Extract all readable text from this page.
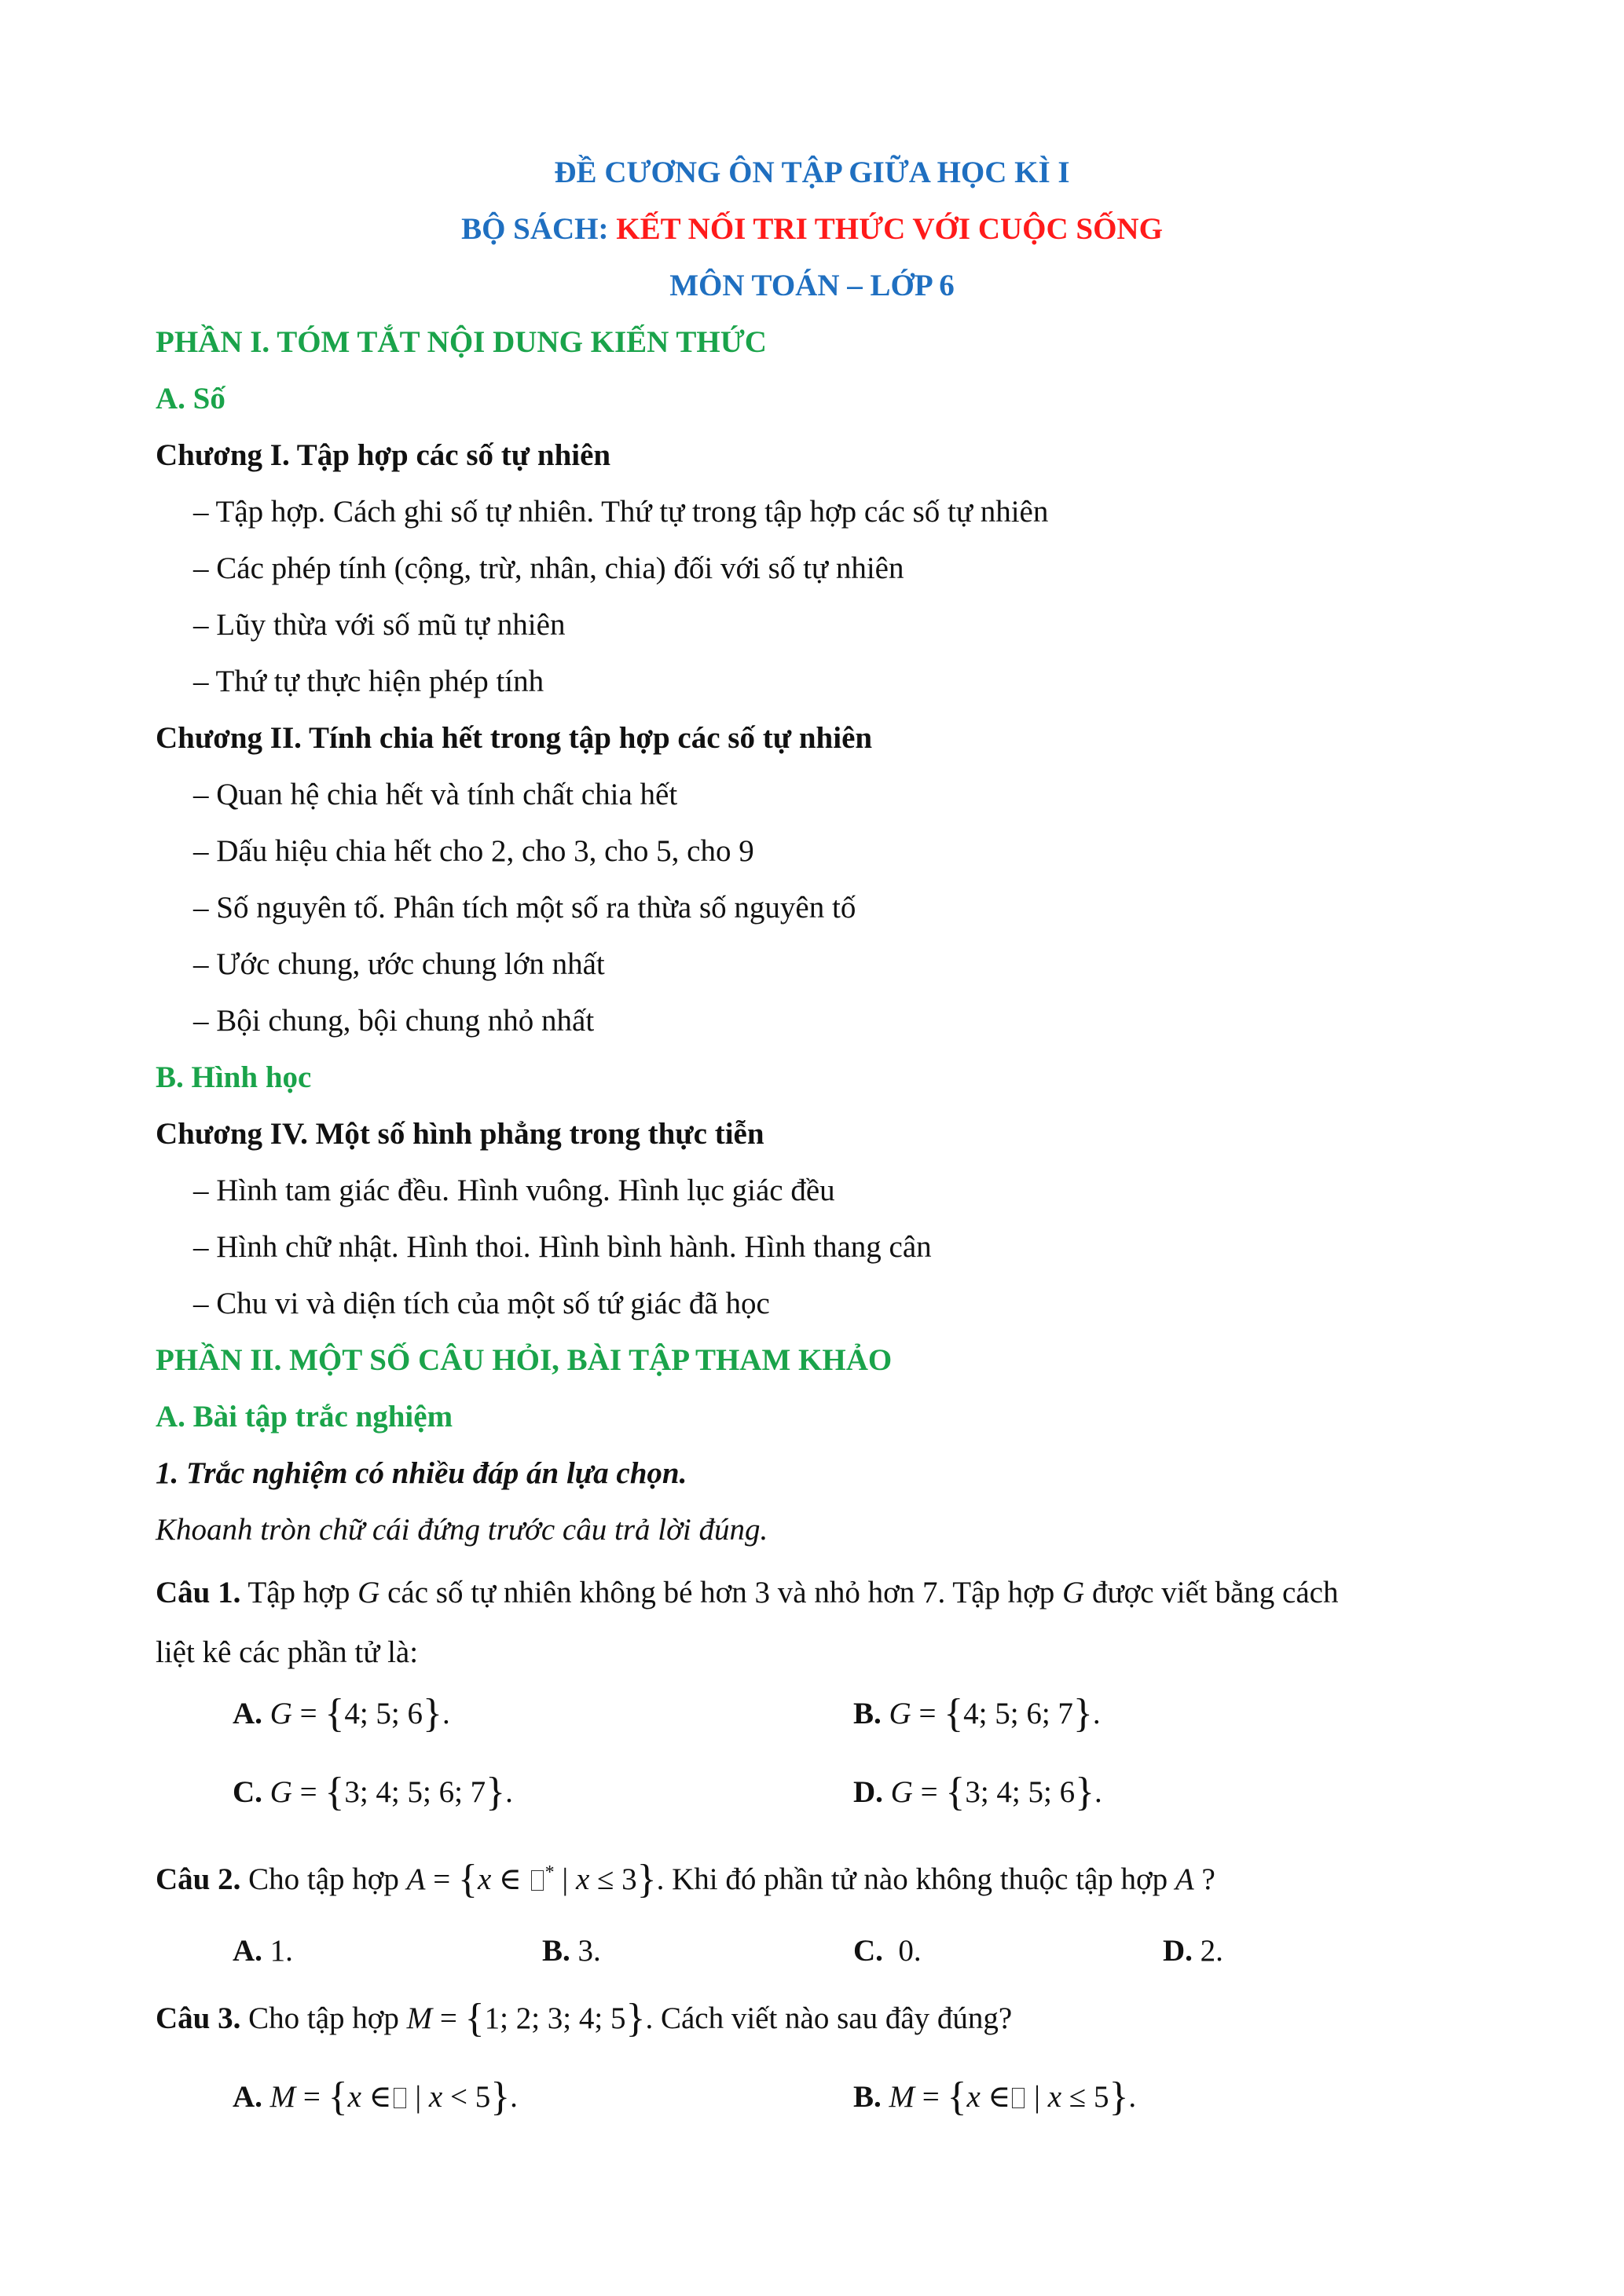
ĐỀ CƯƠNG ÔN TẬP GIỮA HỌC KÌ I
BỘ SÁCH: KẾT NỐI TRI THỨC VỚI CUỘC SỐNG
MÔN TOÁN – LỚP 6
PHẦN I. TÓM TẮT NỘI DUNG KIẾN THỨC
A. Số
Chương I. Tập hợp các số tự nhiên
– Tập hợp. Cách ghi số tự nhiên. Thứ tự trong tập hợp các số tự nhiên
– Các phép tính (cộng, trừ, nhân, chia) đối với số tự nhiên
– Lũy thừa với số mũ tự nhiên
– Thứ tự thực hiện phép tính
Chương II. Tính chia hết trong tập hợp các số tự nhiên
– Quan hệ chia hết và tính chất chia hết
– Dấu hiệu chia hết cho 2, cho 3, cho 5, cho 9
– Số nguyên tố. Phân tích một số ra thừa số nguyên tố
– Ước chung, ước chung lớn nhất
– Bội chung, bội chung nhỏ nhất
B. Hình học
Chương IV. Một số hình phẳng trong thực tiễn
– Hình tam giác đều. Hình vuông. Hình lục giác đều
– Hình chữ nhật. Hình thoi. Hình bình hành. Hình thang cân
– Chu vi và diện tích của một số tứ giác đã học
PHẦN II. MỘT SỐ CÂU HỎI, BÀI TẬP THAM KHẢO
A. Bài tập trắc nghiệm
1. Trắc nghiệm có nhiều đáp án lựa chọn.
Khoanh tròn chữ cái đứng trước câu trả lời đúng.
Câu 1. Tập hợp G các số tự nhiên không bé hơn 3 và nhỏ hơn 7. Tập hợp G được viết bằng cách
liệt kê các phần tử là:
A. G = {4; 5; 6}.	B. G = {4; 5; 6; 7}.
C. G = {3; 4; 5; 6; 7}.	D. G = {3; 4; 5; 6}.
Câu 2. Cho tập hợp A = {x ∈ * | x ≤ 3}. Khi đó phần tử nào không thuộc tập hợp A ?
A. 1.	B. 3.	C.  0.	D. 2.
Câu 3. Cho tập hợp M = {1; 2; 3; 4; 5}. Cách viết nào sau đây đúng?
A. M = {x ∈ | x < 5}.	B. M = {x ∈ | x ≤ 5}.
